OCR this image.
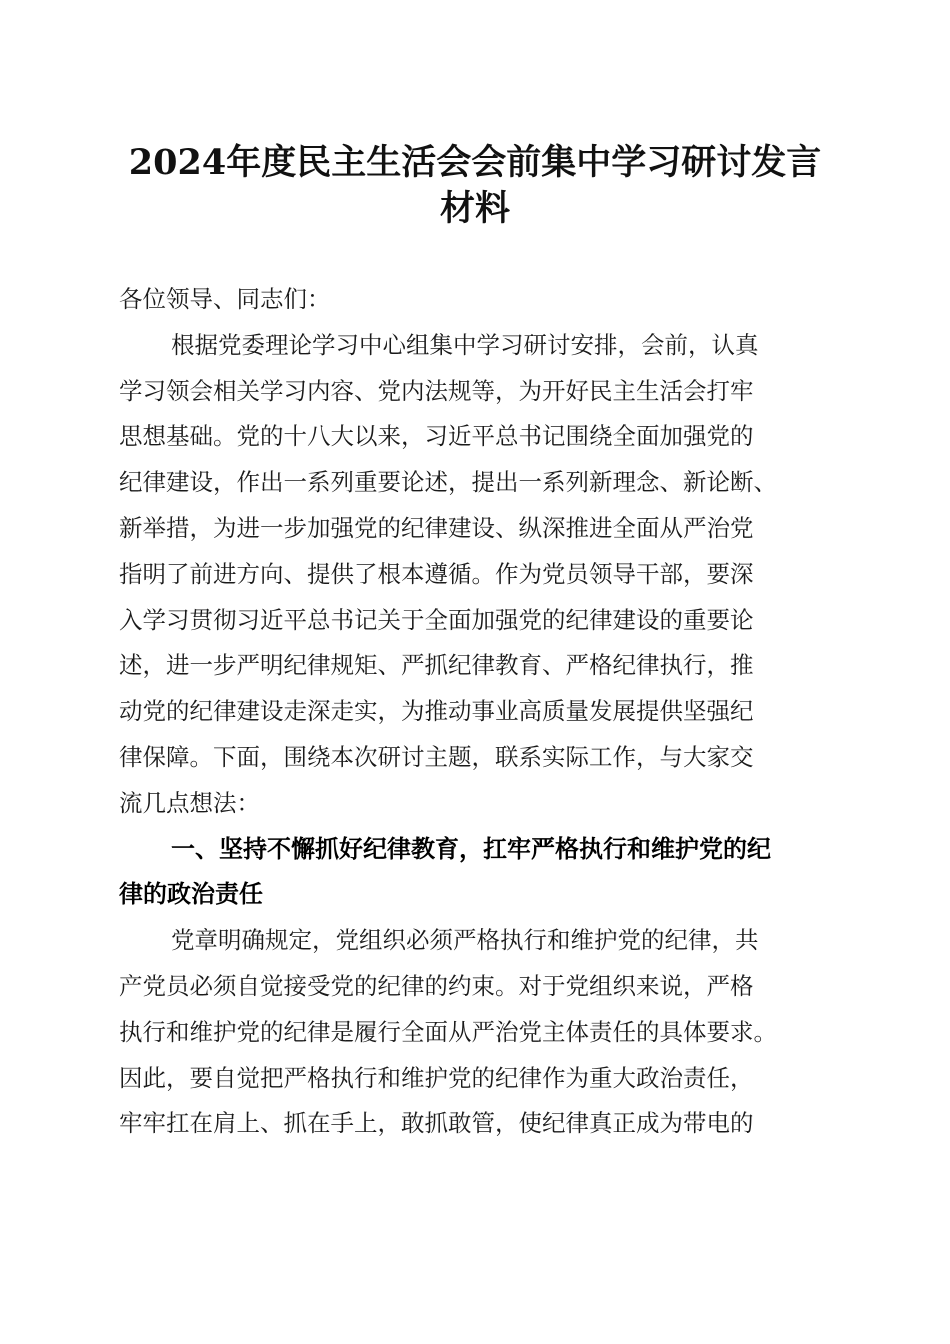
2024年度民主生活会会前集中学习研讨发言
材料
各位领导、同志们：
根据党委理论学习中心组集中学习研讨安排，会前，认真
学习领会相关学习内容、党内法规等，为开好民主生活会打牢
思想基础。党的十八大以来，习近平总书记围绕全面加强党的
纪律建设，作出一系列重要论述，提出一系列新理念、新论断、
新举措，为进一步加强党的纪律建设、纵深推进全面从严治党
指明了前进方向、提供了根本遵循。作为党员领导干部，要深
入学习贯彻习近平总书记关于全面加强党的纪律建设的重要论
述，进一步严明纪律规矩、严抓纪律教育、严格纪律执行，推
动党的纪律建设走深走实，为推动事业高质量发展提供坚强纪
律保障。下面，围绕本次研讨主题，联系实际工作，与大家交
流几点想法：
一、坚持不懈抓好纪律教育，扛牢严格执行和维护党的纪
律的政治责任
党章明确规定，党组织必须严格执行和维护党的纪律，共
产党员必须自觉接受党的纪律的约束。对于党组织来说，严格
执行和维护党的纪律是履行全面从严治党主体责任的具体要求。
因此，要自觉把严格执行和维护党的纪律作为重大政治责任，
牢牢扛在肩上、抓在手上，敢抓敢管，使纪律真正成为带电的
